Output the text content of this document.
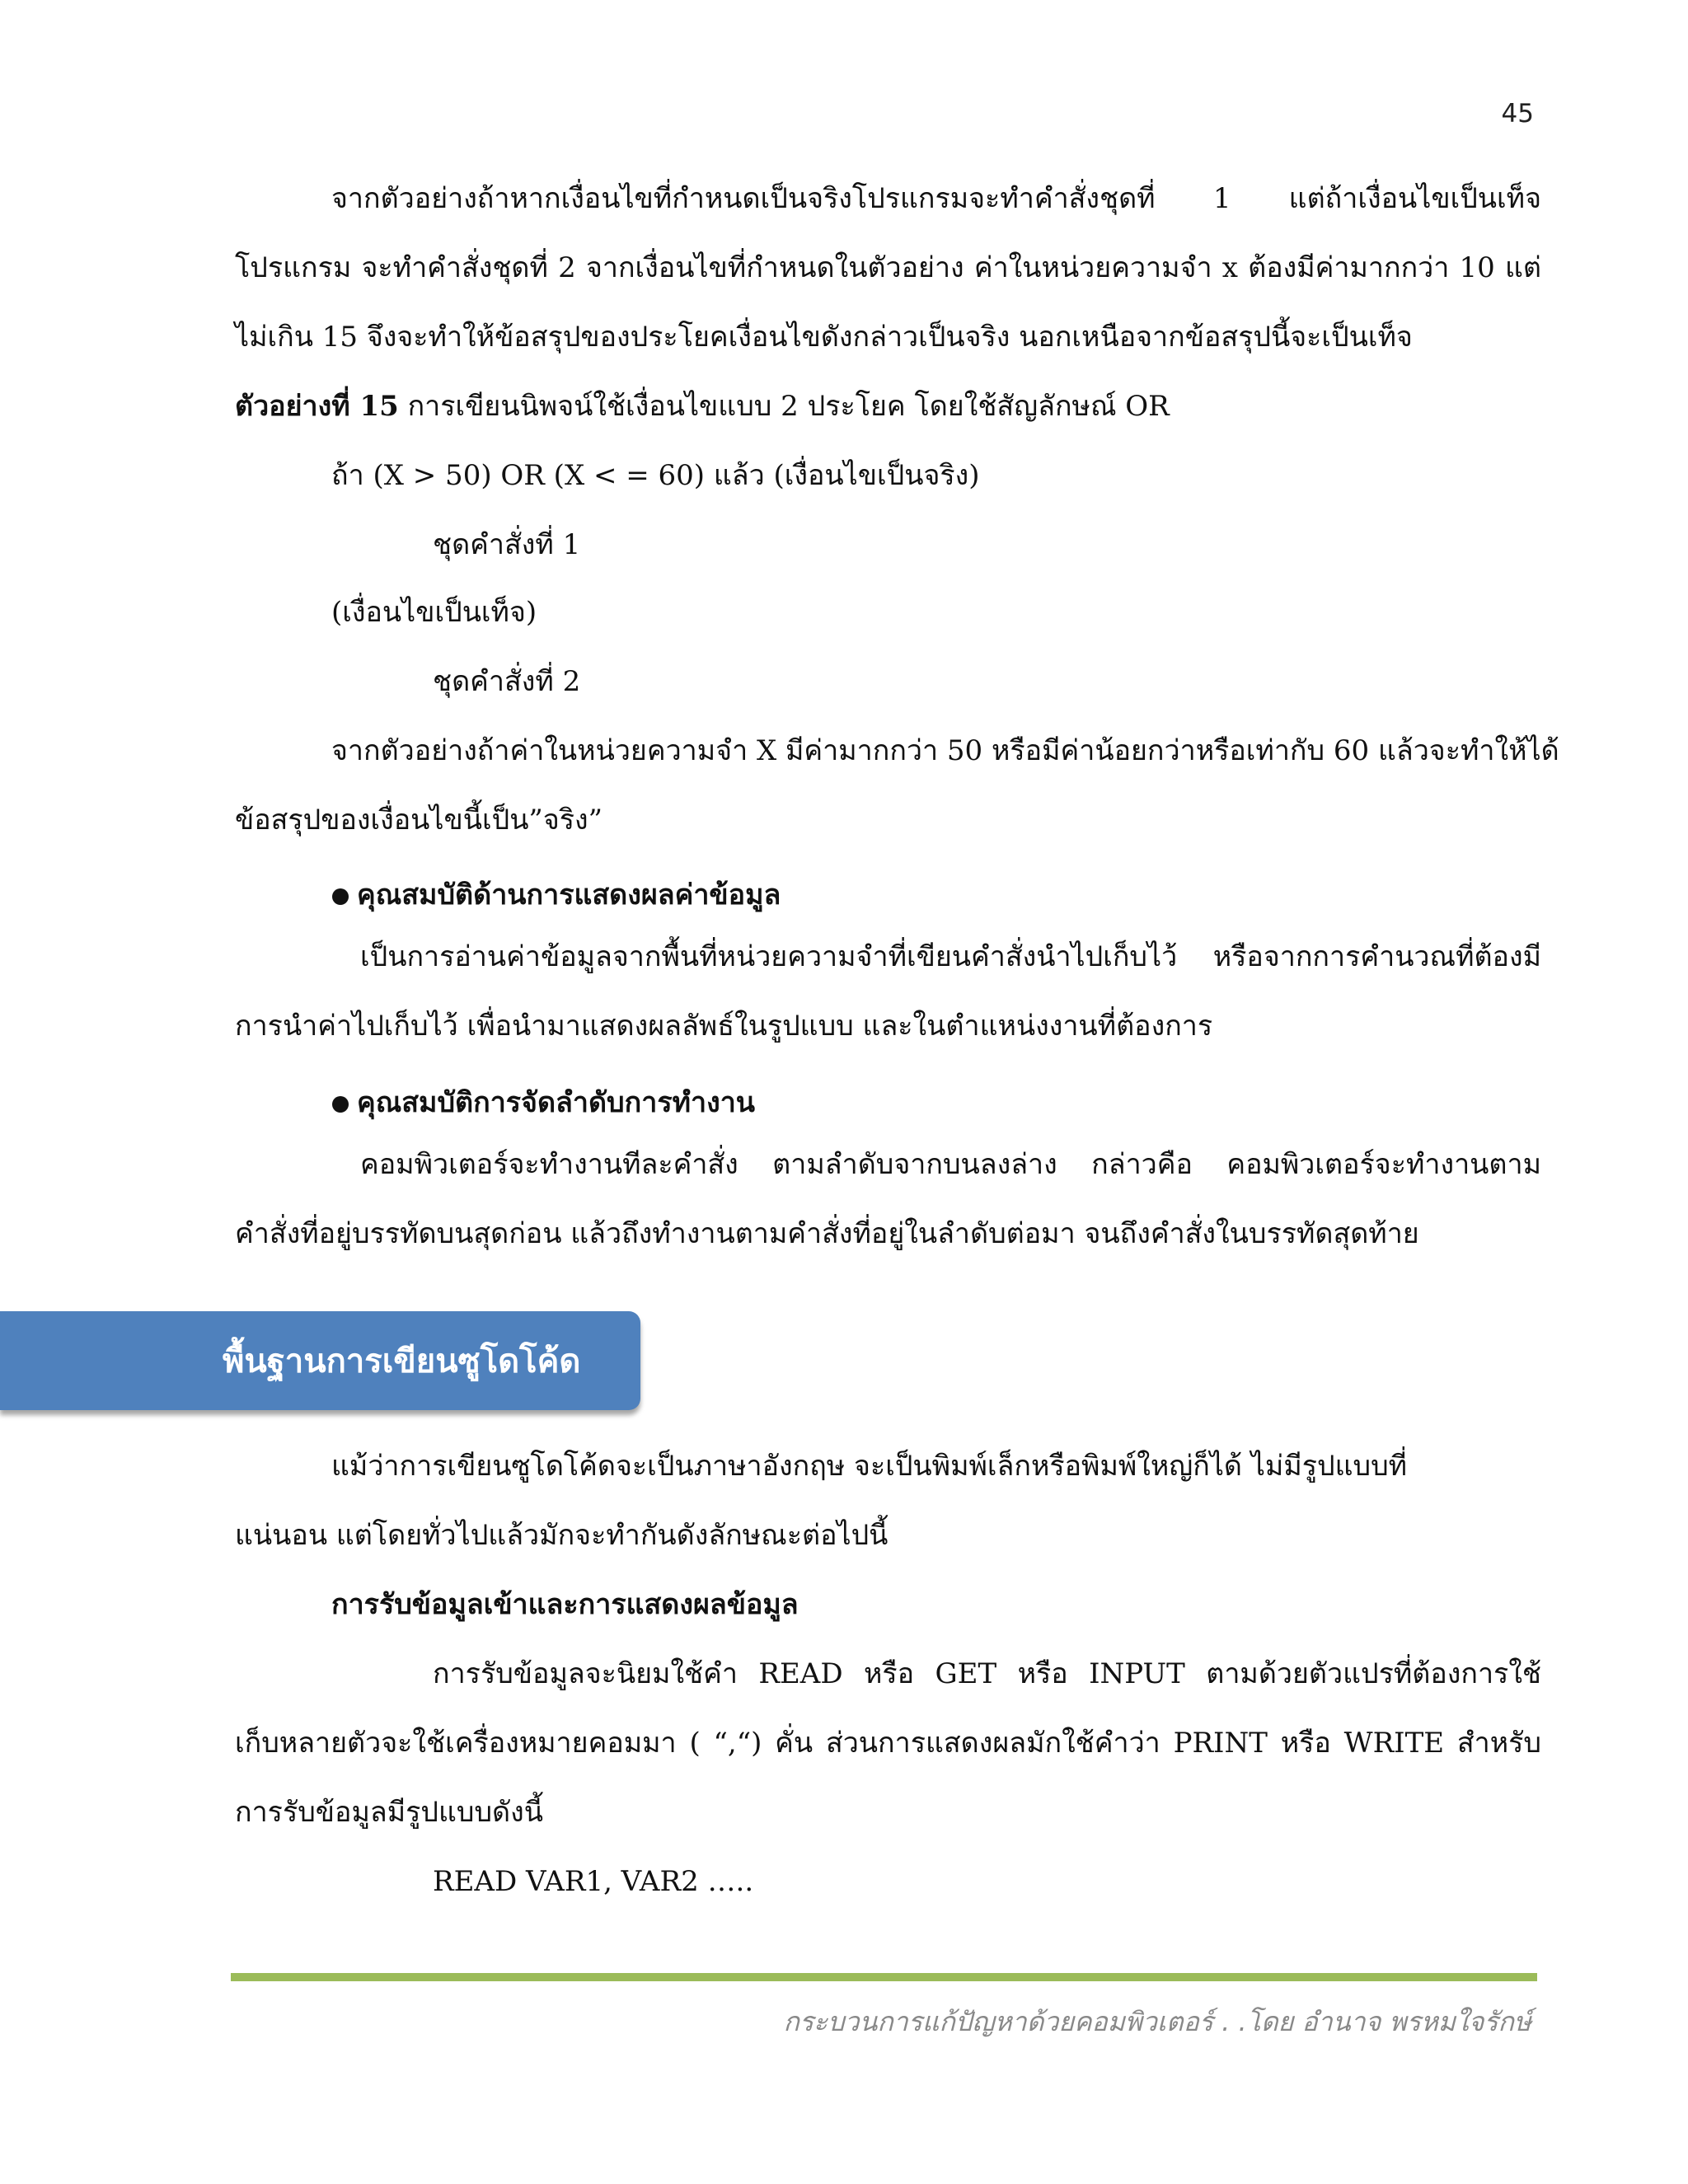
45
จากตัวอย่างถ้าหากเงื่อนไขที่กำหนดเป็นจริงโปรแกรมจะทำคำสั่งชุดที่ 1 แต่ถ้าเงื่อนไขเป็นเท็จ
โปรแกรม จะทำคำสั่งชุดที่ 2 จากเงื่อนไขที่กำหนดในตัวอย่าง ค่าในหน่วยความจำ x ต้องมีค่ามากกว่า 10 แต่
ไม่เกิน 15 จึงจะทำให้ข้อสรุปของประโยคเงื่อนไขดังกล่าวเป็นจริง นอกเหนือจากข้อสรุปนี้จะเป็นเท็จ
ตัวอย่างที่ 15 การเขียนนิพจน์ใช้เงื่อนไขแบบ 2 ประโยค โดยใช้สัญลักษณ์ OR
ถ้า (X > 50) OR (X < = 60) แล้ว (เงื่อนไขเป็นจริง)
ชุดคำสั่งที่ 1
(เงื่อนไขเป็นเท็จ)
ชุดคำสั่งที่ 2
จากตัวอย่างถ้าค่าในหน่วยความจำ X มีค่ามากกว่า 50 หรือมีค่าน้อยกว่าหรือเท่ากับ 60 แล้วจะทำให้ได้
ข้อสรุปของเงื่อนไขนี้เป็น”จริง”
คุณสมบัติด้านการแสดงผลค่าข้อมูล
เป็นการอ่านค่าข้อมูลจากพื้นที่หน่วยความจำที่เขียนคำสั่งนำไปเก็บไว้ หรือจากการคำนวณที่ต้องมี
การนำค่าไปเก็บไว้ เพื่อนำมาแสดงผลลัพธ์ในรูปแบบ และในตำแหน่งงานที่ต้องการ
คุณสมบัติการจัดลำดับการทำงาน
คอมพิวเตอร์จะทำงานทีละคำสั่ง ตามลำดับจากบนลงล่าง กล่าวคือ คอมพิวเตอร์จะทำงานตาม
คำสั่งที่อยู่บรรทัดบนสุดก่อน แล้วถึงทำงานตามคำสั่งที่อยู่ในลำดับต่อมา จนถึงคำสั่งในบรรทัดสุดท้าย
พื้นฐานการเขียนซูโดโค้ด
แม้ว่าการเขียนซูโดโค้ดจะเป็นภาษาอังกฤษ จะเป็นพิมพ์เล็กหรือพิมพ์ใหญ่ก็ได้ ไม่มีรูปแบบที่
แน่นอน แต่โดยทั่วไปแล้วมักจะทำกันดังลักษณะต่อไปนี้
การรับข้อมูลเข้าและการแสดงผลข้อมูล
การรับข้อมูลจะนิยมใช้คำ READ หรือ GET หรือ INPUT ตามด้วยตัวแปรที่ต้องการใช้
เก็บหลายตัวจะใช้เครื่องหมายคอมมา ( “,“) คั่น ส่วนการแสดงผลมักใช้คำว่า PRINT หรือ WRITE สำหรับ
การรับข้อมูลมีรูปแบบดังนี้
READ VAR1, VAR2 …..
กระบวนการแก้ปัญหาด้วยคอมพิวเตอร์ . .โดย อำนาจ พรหมใจรักษ์
